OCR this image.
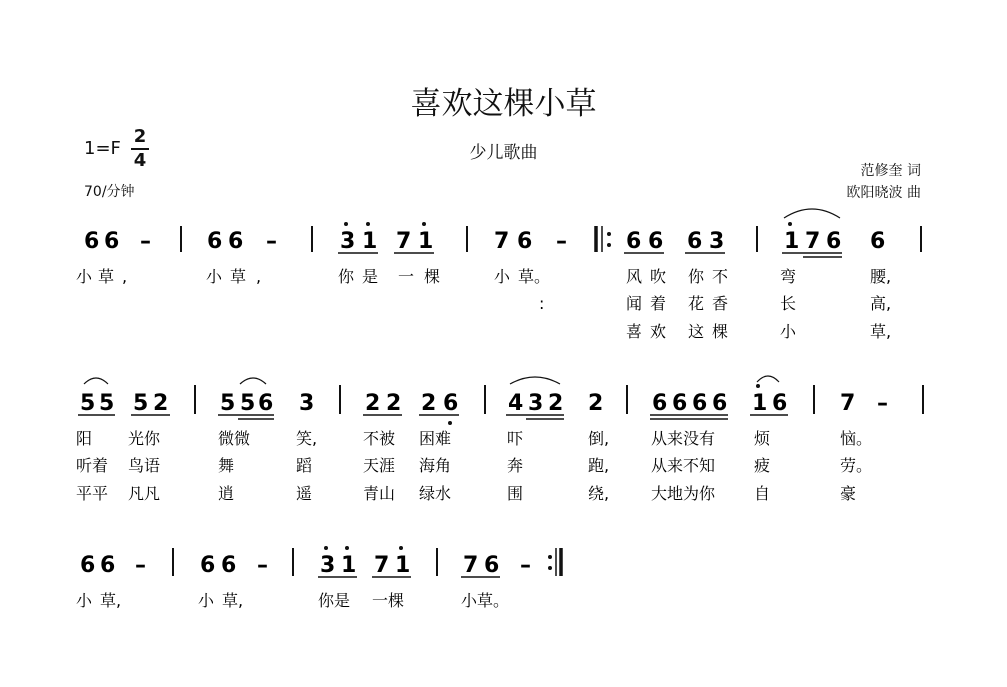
喜欢这棵小草
少儿歌曲
1=F
2
4
70/分钟
范修奎 词
欧阳晓波 曲
6 6 –	6 6 –	3 1 7 1	7 6 –	6 6 6 3	1 7 6 6
小 草 ,	小 草 ,	你 是 一 棵	小 草。	风 吹 你 不	弯	腰,
:	闻 着 花 香	长	高,
喜 欢 这 棵	小	草,
5 5 5 2 5 5 6 3 2 2 2 6 4 3 2 2 6 6 6 6 1 6 7 –
阳 光你	微微	笑,	不被 困难	吓	倒,	从来没有 烦	恼。
听着 鸟语	舞	蹈	天涯 海角	奔	跑,	从来不知 疲	劳。
平平 凡凡	逍	遥	青山 绿水	围	绕,	大地为你 自	豪
6 6 – 6 6 – 3 1 7 1 7 6 –
小 草,	小 草,	你是 一棵	小草。
